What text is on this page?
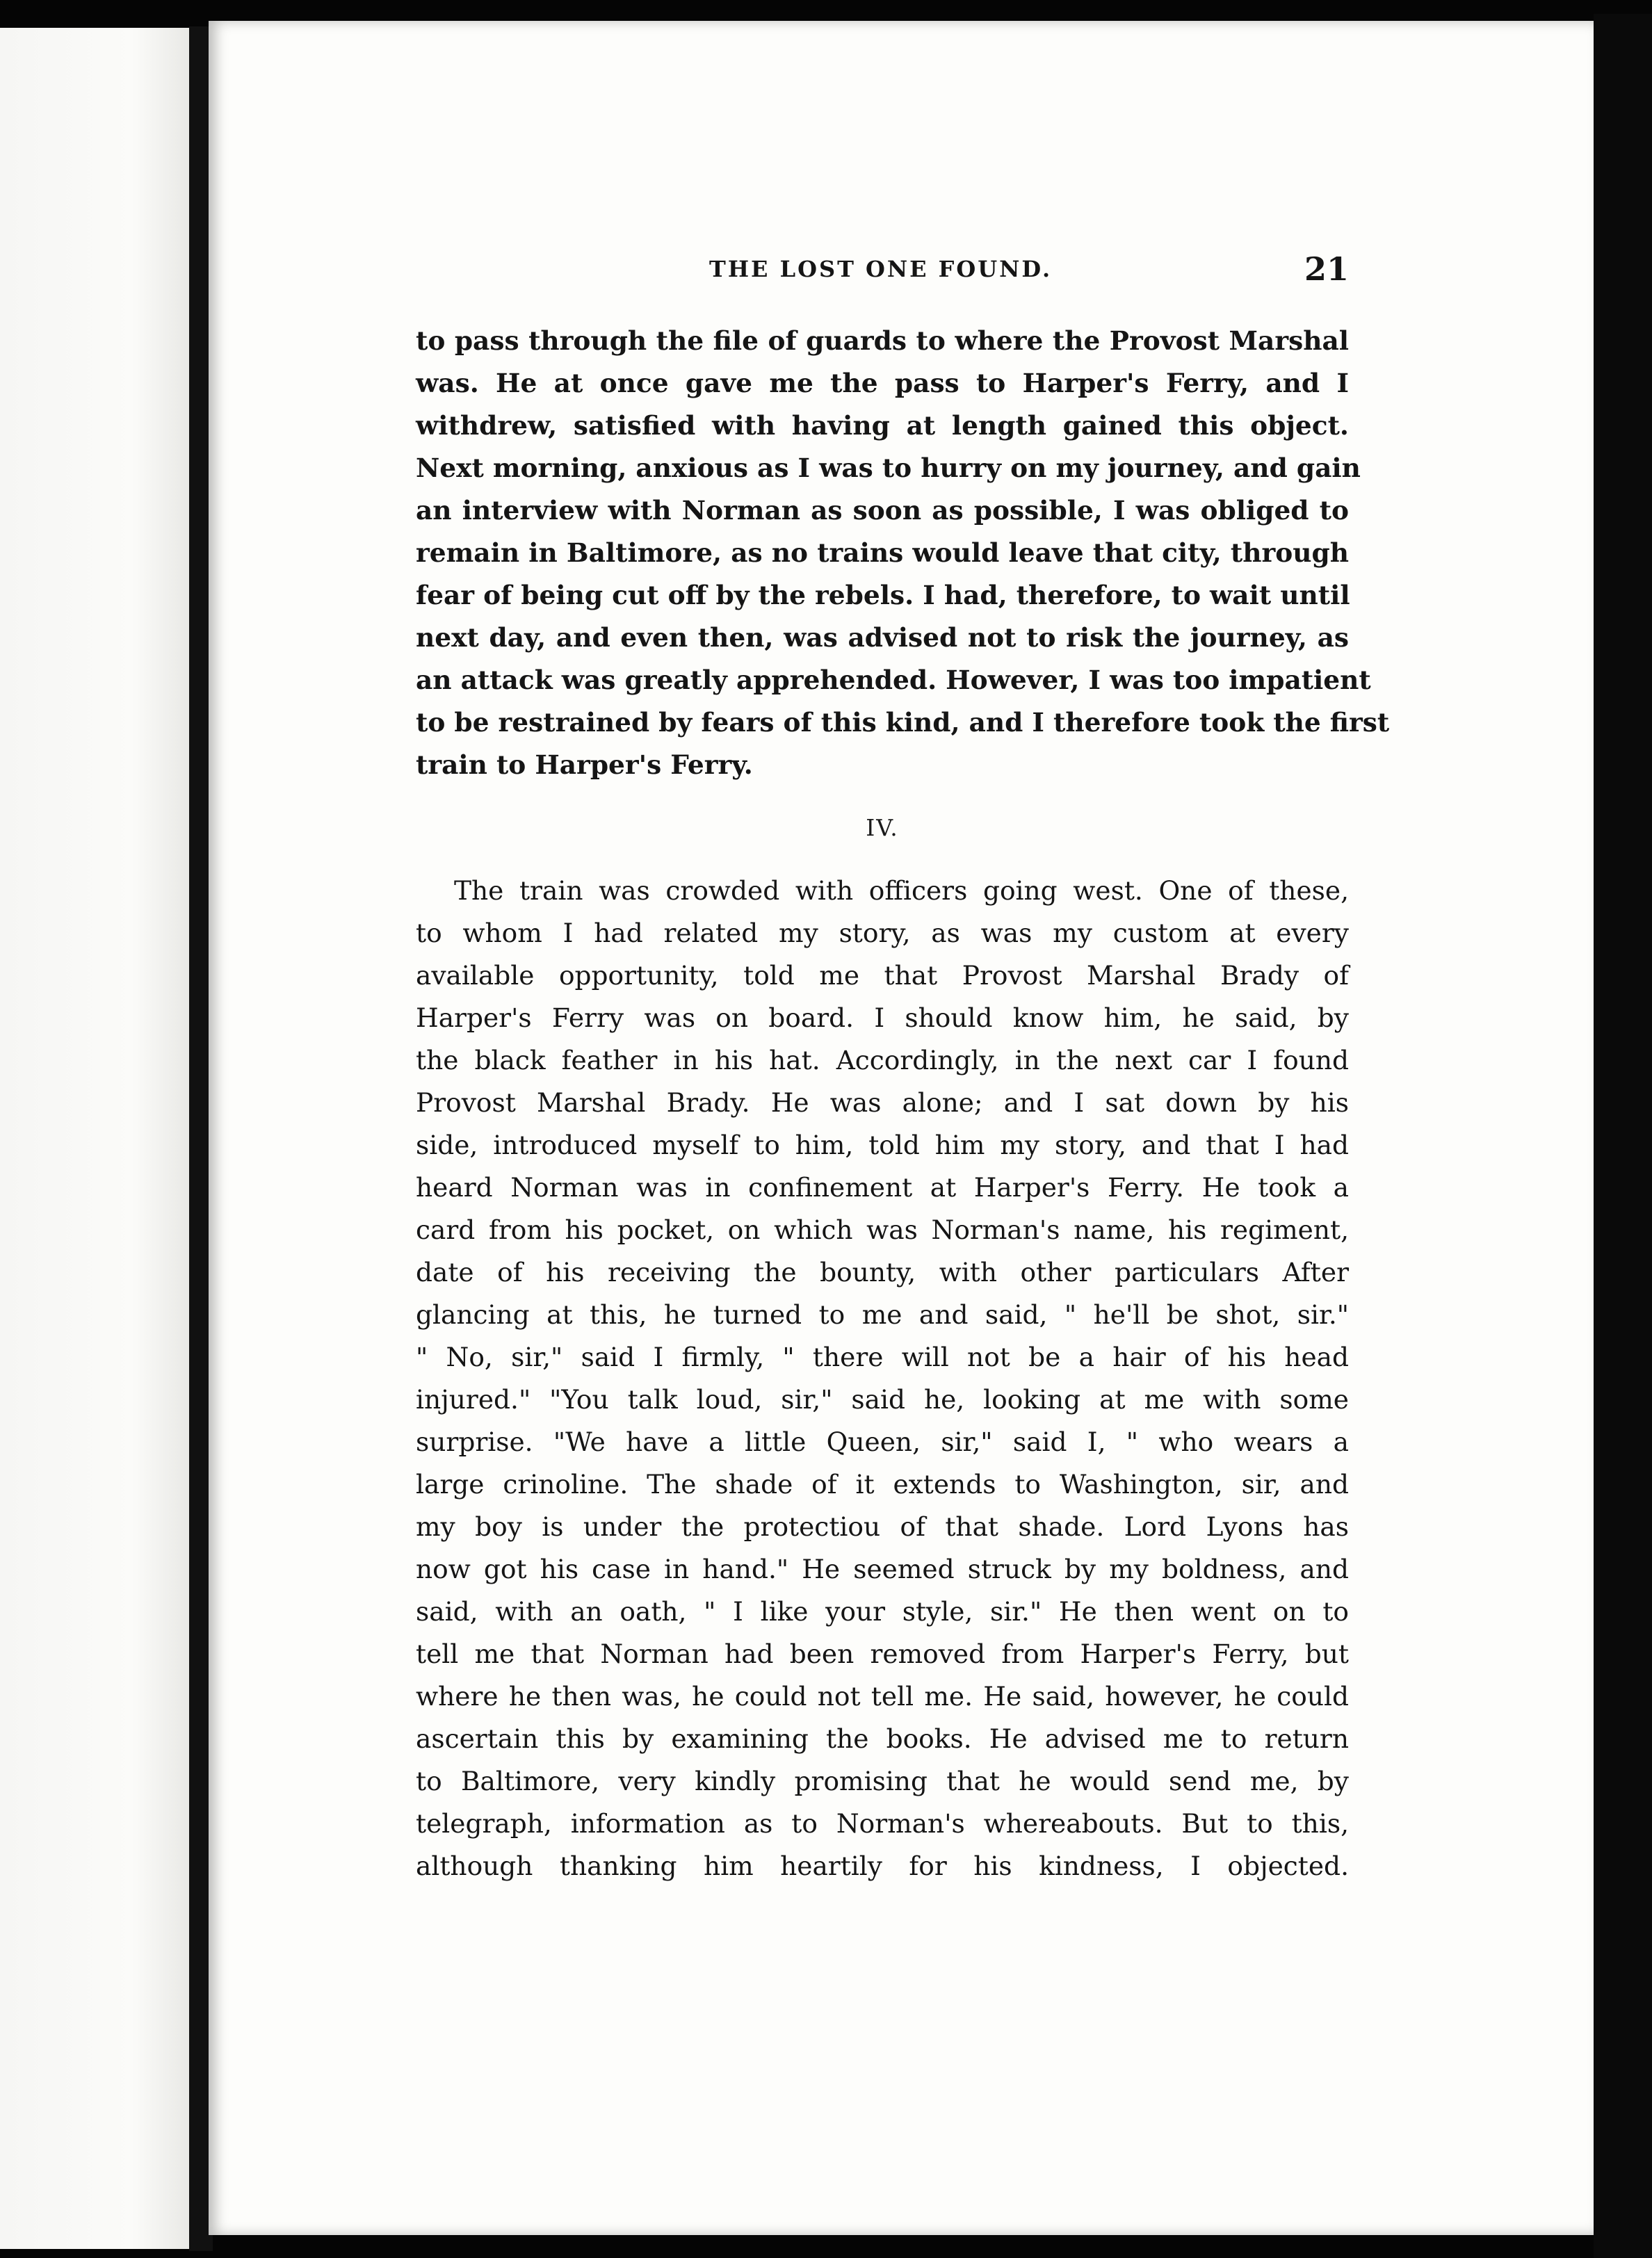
THE LOST ONE FOUND.	21
to pass through the file of guards to where the Provost Marshal
was. He at once gave me the pass to Harper's Ferry, and I
withdrew, satisfied with having at length gained this object.
Next morning, anxious as I was to hurry on my journey, and gain
an interview with Norman as soon as possible, I was obliged to
remain in Baltimore, as no trains would leave that city, through
fear of being cut off by the rebels. I had, therefore, to wait until
next day, and even then, was advised not to risk the journey, as
an attack was greatly apprehended. However, I was too impatient
to be restrained by fears of this kind, and I therefore took the first
train to Harper's Ferry.
IV.
The train was crowded with officers going west. One of these,
to whom I had related my story, as was my custom at every
available opportunity, told me that Provost Marshal Brady of
Harper's Ferry was on board. I should know him, he said, by
the black feather in his hat. Accordingly, in the next car I found
Provost Marshal Brady. He was alone; and I sat down by his
side, introduced myself to him, told him my story, and that I had
heard Norman was in confinement at Harper's Ferry. He took a
card from his pocket, on which was Norman's name, his regiment,
date of his receiving the bounty, with other particulars After
glancing at this, he turned to me and said, " he'll be shot, sir."
" No, sir," said I firmly, " there will not be a hair of his head
injured." "You talk loud, sir," said he, looking at me with some
surprise. "We have a little Queen, sir," said I, " who wears a
large crinoline. The shade of it extends to Washington, sir, and
my boy is under the protectiou of that shade. Lord Lyons has
now got his case in hand." He seemed struck by my boldness, and
said, with an oath, " I like your style, sir." He then went on to
tell me that Norman had been removed from Harper's Ferry, but
where he then was, he could not tell me. He said, however, he could
ascertain this by examining the books. He advised me to return
to Baltimore, very kindly promising that he would send me, by
telegraph, information as to Norman's whereabouts. But to this,
although thanking him heartily for his kindness, I objected.
